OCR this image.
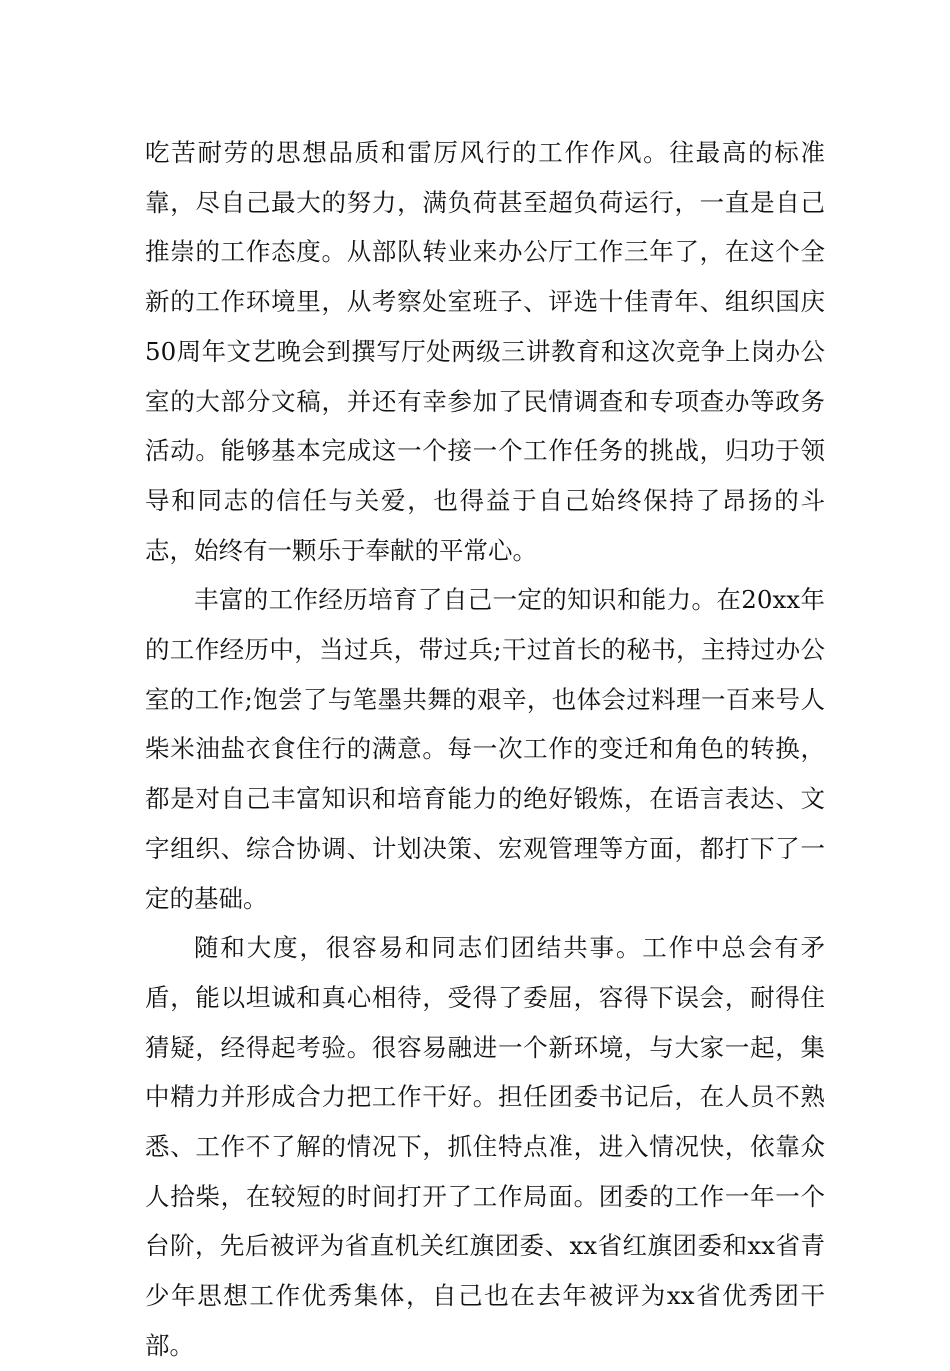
吃苦耐劳的思想品质和雷厉风行的工作作风。往最高的标准靠，尽自己最大的努力，满负荷甚至超负荷运行，一直是自己推崇的工作态度。从部队转业来办公厅工作三年了，在这个全新的工作环境里，从考察处室班子、评选十佳青年、组织国庆50周年文艺晚会到撰写厅处两级三讲教育和这次竞争上岗办公室的大部分文稿，并还有幸参加了民情调查和专项查办等政务活动。能够基本完成这一个接一个工作任务的挑战，归功于领导和同志的信任与关爱，也得益于自己始终保持了昂扬的斗志，始终有一颗乐于奉献的平常心。

丰富的工作经历培育了自己一定的知识和能力。在20xx年的工作经历中，当过兵，带过兵;干过首长的秘书，主持过办公室的工作;饱尝了与笔墨共舞的艰辛，也体会过料理一百来号人柴米油盐衣食住行的满意。每一次工作的变迁和角色的转换，都是对自己丰富知识和培育能力的绝好锻炼，在语言表达、文字组织、综合协调、计划决策、宏观管理等方面，都打下了一定的基础。

随和大度，很容易和同志们团结共事。工作中总会有矛盾，能以坦诚和真心相待，受得了委屈，容得下误会，耐得住猜疑，经得起考验。很容易融进一个新环境，与大家一起，集中精力并形成合力把工作干好。担任团委书记后，在人员不熟悉、工作不了解的情况下，抓住特点准，进入情况快，依靠众人拾柴，在较短的时间打开了工作局面。团委的工作一年一个台阶，先后被评为省直机关红旗团委、xx省红旗团委和xx省青少年思想工作优秀集体，自己也在去年被评为xx省优秀团干部。
